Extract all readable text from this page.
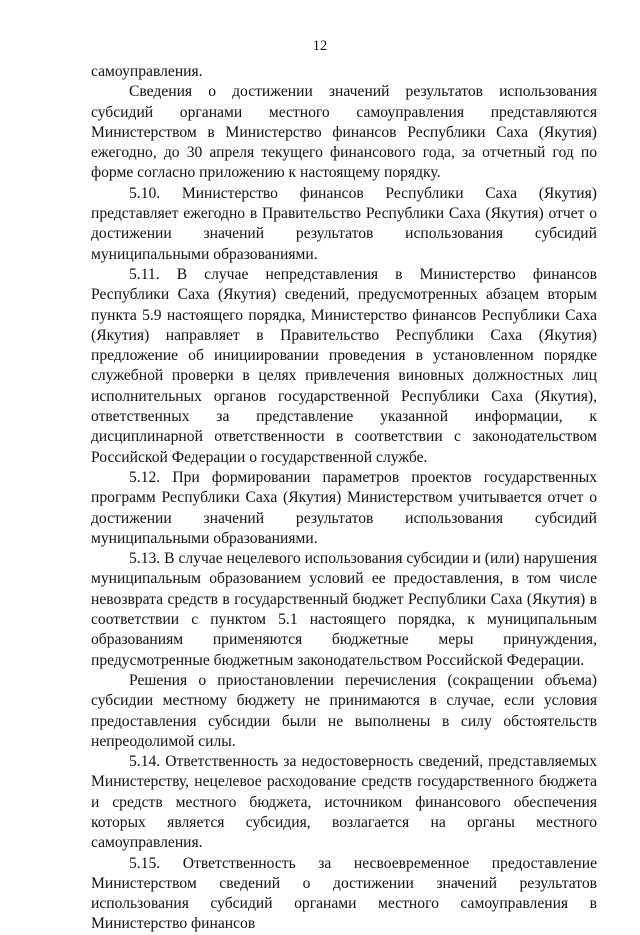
12

самоуправления.

Сведения о достижении значений результатов использования субсидий органами местного самоуправления представляются Министерством в Министерство финансов Республики Саха (Якутия) ежегодно, до 30 апреля текущего финансового года, за отчетный год по форме согласно приложению к настоящему порядку.

5.10. Министерство финансов Республики Саха (Якутия) представляет ежегодно в Правительство Республики Саха (Якутия) отчет о достижении значений результатов использования субсидий муниципальными образованиями.

5.11. В случае непредставления в Министерство финансов Республики Саха (Якутия) сведений, предусмотренных абзацем вторым пункта 5.9 настоящего порядка, Министерство финансов Республики Саха (Якутия) направляет в Правительство Республики Саха (Якутия) предложение об инициировании проведения в установленном порядке служебной проверки в целях привлечения виновных должностных лиц исполнительных органов государственной Республики Саха (Якутия), ответственных за представление указанной информации, к дисциплинарной ответственности в соответствии с законодательством Российской Федерации о государственной службе.

5.12. При формировании параметров проектов государственных программ Республики Саха (Якутия) Министерством учитывается отчет о достижении значений результатов использования субсидий муниципальными образованиями.

5.13. В случае нецелевого использования субсидии и (или) нарушения муниципальным образованием условий ее предоставления, в том числе невозврата средств в государственный бюджет Республики Саха (Якутия) в соответствии с пунктом 5.1 настоящего порядка, к муниципальным образованиям применяются бюджетные меры принуждения, предусмотренные бюджетным законодательством Российской Федерации.

Решения о приостановлении перечисления (сокращении объема) субсидии местному бюджету не принимаются в случае, если условия предоставления субсидии были не выполнены в силу обстоятельств непреодолимой силы.

5.14. Ответственность за недостоверность сведений, представляемых Министерству, нецелевое расходование средств государственного бюджета и средств местного бюджета, источником финансового обеспечения которых является субсидия, возлагается на органы местного самоуправления.

5.15. Ответственность за несвоевременное предоставление Министерством сведений о достижении значений результатов использования субсидий органами местного самоуправления в Министерство финансов
